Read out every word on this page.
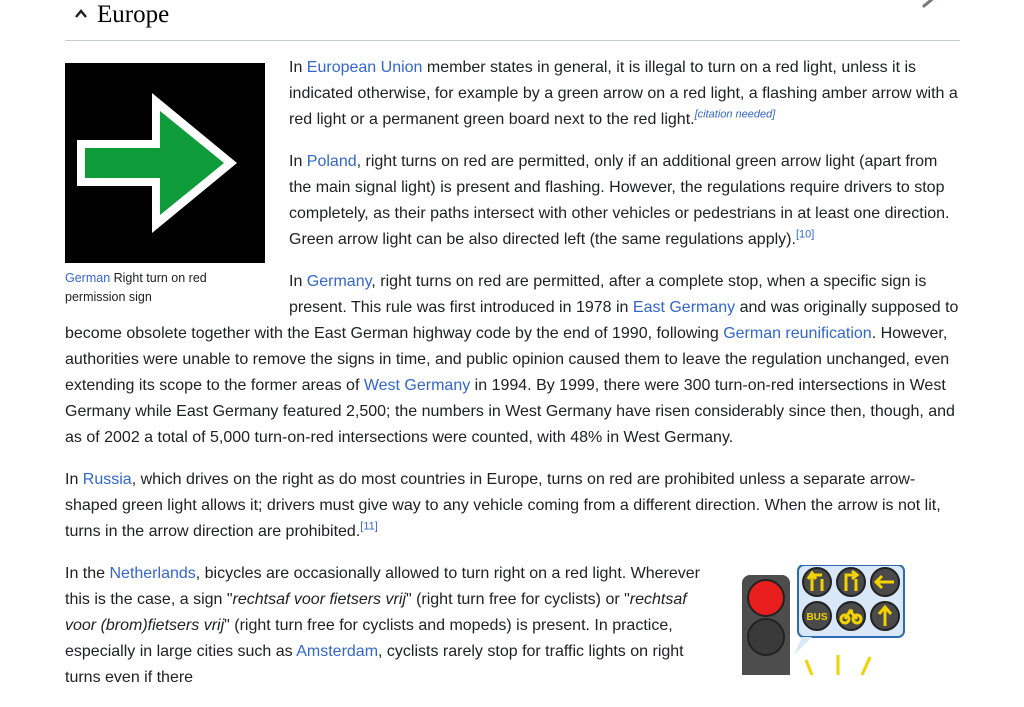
Europe
German Right turn on red permission sign

In European Union member states in general, it is illegal to turn on a red light, unless it is indicated otherwise, for example by a green arrow on a red light, a flashing amber arrow with a red light or a permanent green board next to the red light.[citation needed]

In Poland, right turns on red are permitted, only if an additional green arrow light (apart from the main signal light) is present and flashing. However, the regulations require drivers to stop completely, as their paths intersect with other vehicles or pedestrians in at least one direction. Green arrow light can be also directed left (the same regulations apply).[10]

In Germany, right turns on red are permitted, after a complete stop, when a specific sign is present. This rule was first introduced in 1978 in East Germany and was originally supposed to become obsolete together with the East German highway code by the end of 1990, following German reunification. However, authorities were unable to remove the signs in time, and public opinion caused them to leave the regulation unchanged, even extending its scope to the former areas of West Germany in 1994. By 1999, there were 300 turn-on-red intersections in West Germany while East Germany featured 2,500; the numbers in West Germany have risen considerably since then, though, and as of 2002 a total of 5,000 turn-on-red intersections were counted, with 48% in West Germany.

In Russia, which drives on the right as do most countries in Europe, turns on red are prohibited unless a separate arrow-shaped green light allows it; drivers must give way to any vehicle coming from a different direction. When the arrow is not lit, turns in the arrow direction are prohibited.[11]

BUS

In the Netherlands, bicycles are occasionally allowed to turn right on a red light. Wherever this is the case, a sign "rechtsaf voor fietsers vrij" (right turn free for cyclists) or "rechtsaf voor (brom)fietsers vrij" (right turn free for cyclists and mopeds) is present. In practice, especially in large cities such as Amsterdam, cyclists rarely stop for traffic lights on right turns even if there
